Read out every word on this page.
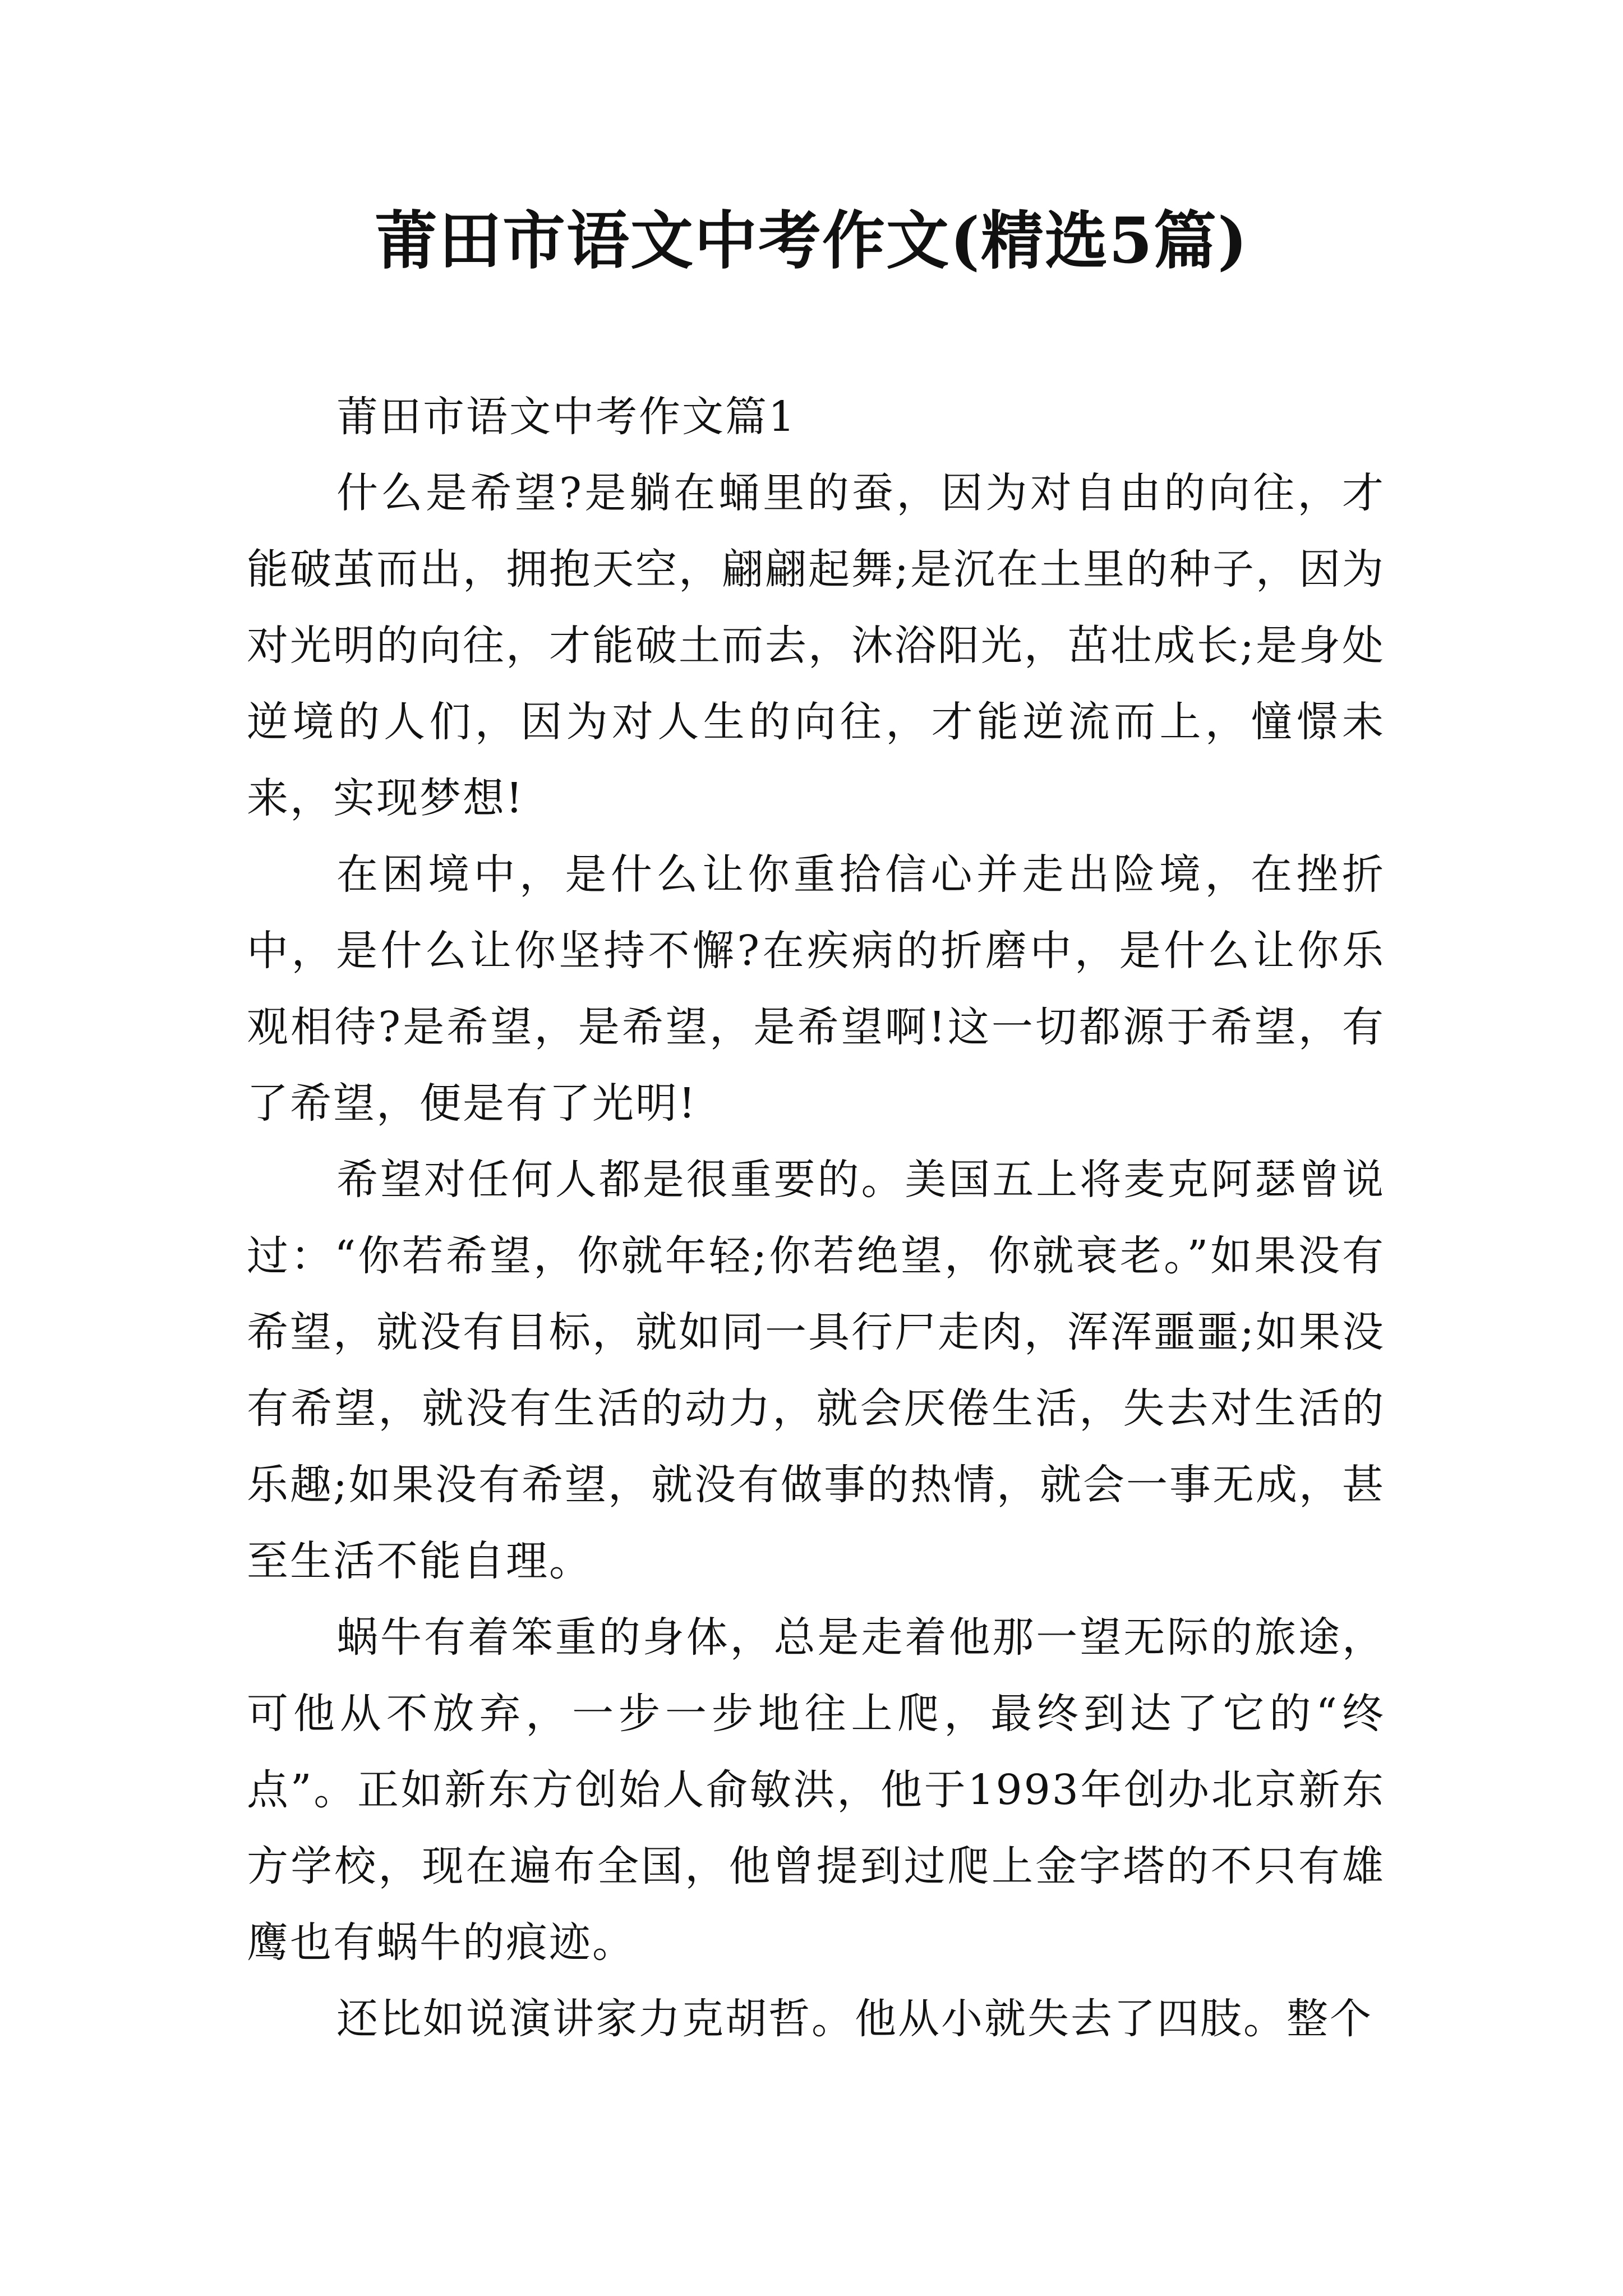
莆田市语文中考作文(精选5篇)

莆田市语文中考作文篇1

什么是希望?是躺在蛹里的蚕，因为对自由的向往，才能破茧而出，拥抱天空，翩翩起舞;是沉在土里的种子，因为对光明的向往，才能破土而去，沐浴阳光，茁壮成长;是身处逆境的人们，因为对人生的向往，才能逆流而上，憧憬未来，实现梦想!

在困境中，是什么让你重拾信心并走出险境，在挫折中，是什么让你坚持不懈?在疾病的折磨中，是什么让你乐观相待?是希望，是希望，是希望啊!这一切都源于希望，有了希望，便是有了光明!

希望对任何人都是很重要的。美国五上将麦克阿瑟曾说过：“你若希望，你就年轻;你若绝望，你就衰老。”如果没有希望，就没有目标，就如同一具行尸走肉，浑浑噩噩;如果没有希望，就没有生活的动力，就会厌倦生活，失去对生活的乐趣;如果没有希望，就没有做事的热情，就会一事无成，甚至生活不能自理。

蜗牛有着笨重的身体，总是走着他那一望无际的旅途，可他从不放弃，一步一步地往上爬，最终到达了它的“终点”。正如新东方创始人俞敏洪，他于1993年创办北京新东方学校，现在遍布全国，他曾提到过爬上金字塔的不只有雄鹰也有蜗牛的痕迹。

还比如说演讲家力克胡哲。他从小就失去了四肢。整个
